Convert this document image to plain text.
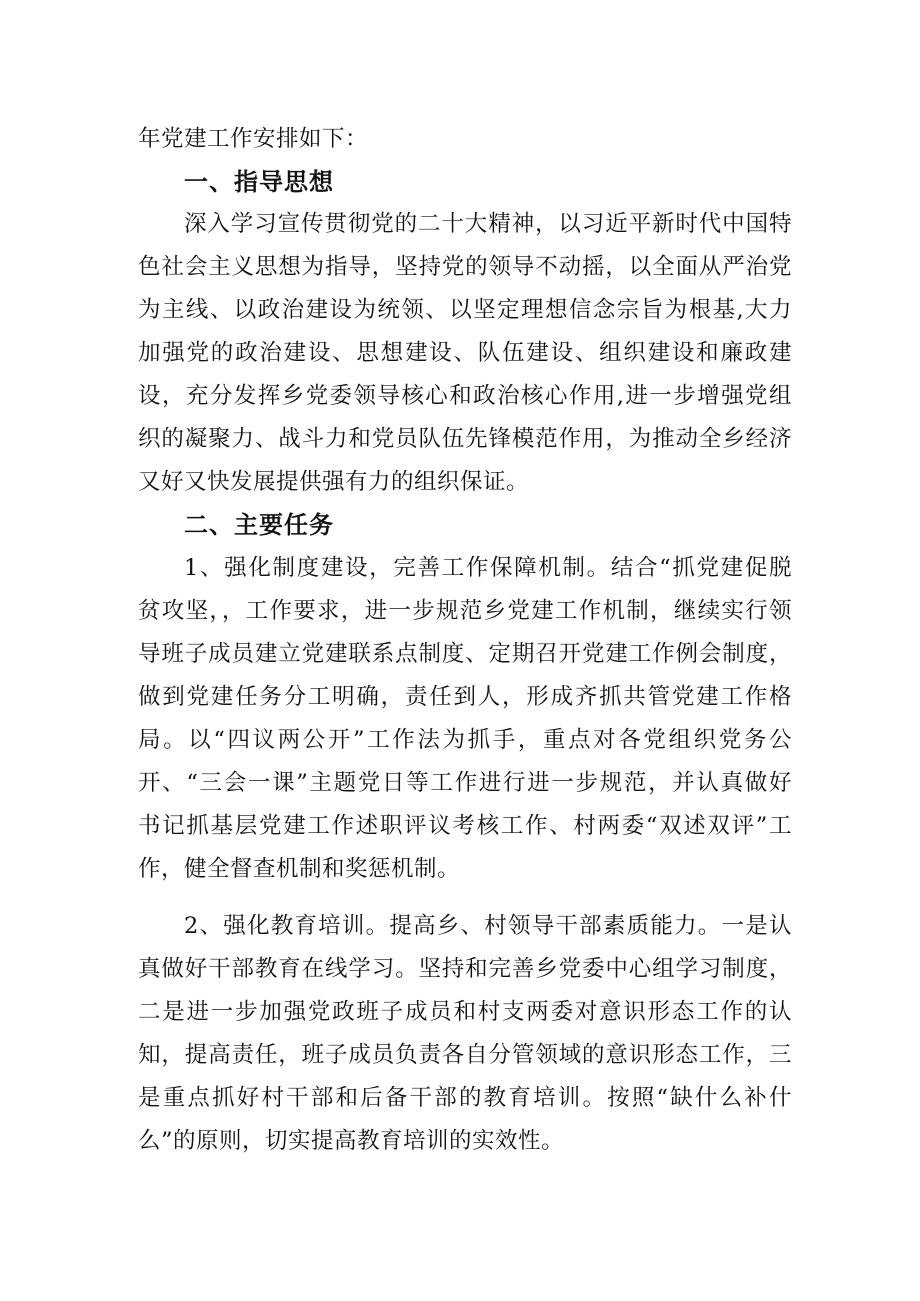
年党建工作安排如下：
一、指导思想
深入学习宣传贯彻党的二十大精神，以习近平新时代中国特
色社会主义思想为指导，坚持党的领导不动摇，以全面从严治党
为主线、以政治建设为统领、以坚定理想信念宗旨为根基,大力
加强党的政治建设、思想建设、队伍建设、组织建设和廉政建
设，充分发挥乡党委领导核心和政治核心作用,进一步增强党组
织的凝聚力、战斗力和党员队伍先锋模范作用，为推动全乡经济
又好又快发展提供强有力的组织保证。
二、主要任务
1、强化制度建设，完善工作保障机制。结合“抓党建促脱
贫攻坚，，工作要求，进一步规范乡党建工作机制，继续实行领
导班子成员建立党建联系点制度、定期召开党建工作例会制度，
做到党建任务分工明确，责任到人，形成齐抓共管党建工作格
局。以“四议两公开”工作法为抓手，重点对各党组织党务公
开、“三会一课”主题党日等工作进行进一步规范，并认真做好
书记抓基层党建工作述职评议考核工作、村两委“双述双评”工
作，健全督查机制和奖惩机制。
2、强化教育培训。提高乡、村领导干部素质能力。一是认
真做好干部教育在线学习。坚持和完善乡党委中心组学习制度，
二是进一步加强党政班子成员和村支两委对意识形态工作的认
知，提高责任，班子成员负责各自分管领域的意识形态工作，三
是重点抓好村干部和后备干部的教育培训。按照“缺什么补什
么”的原则，切实提高教育培训的实效性。
